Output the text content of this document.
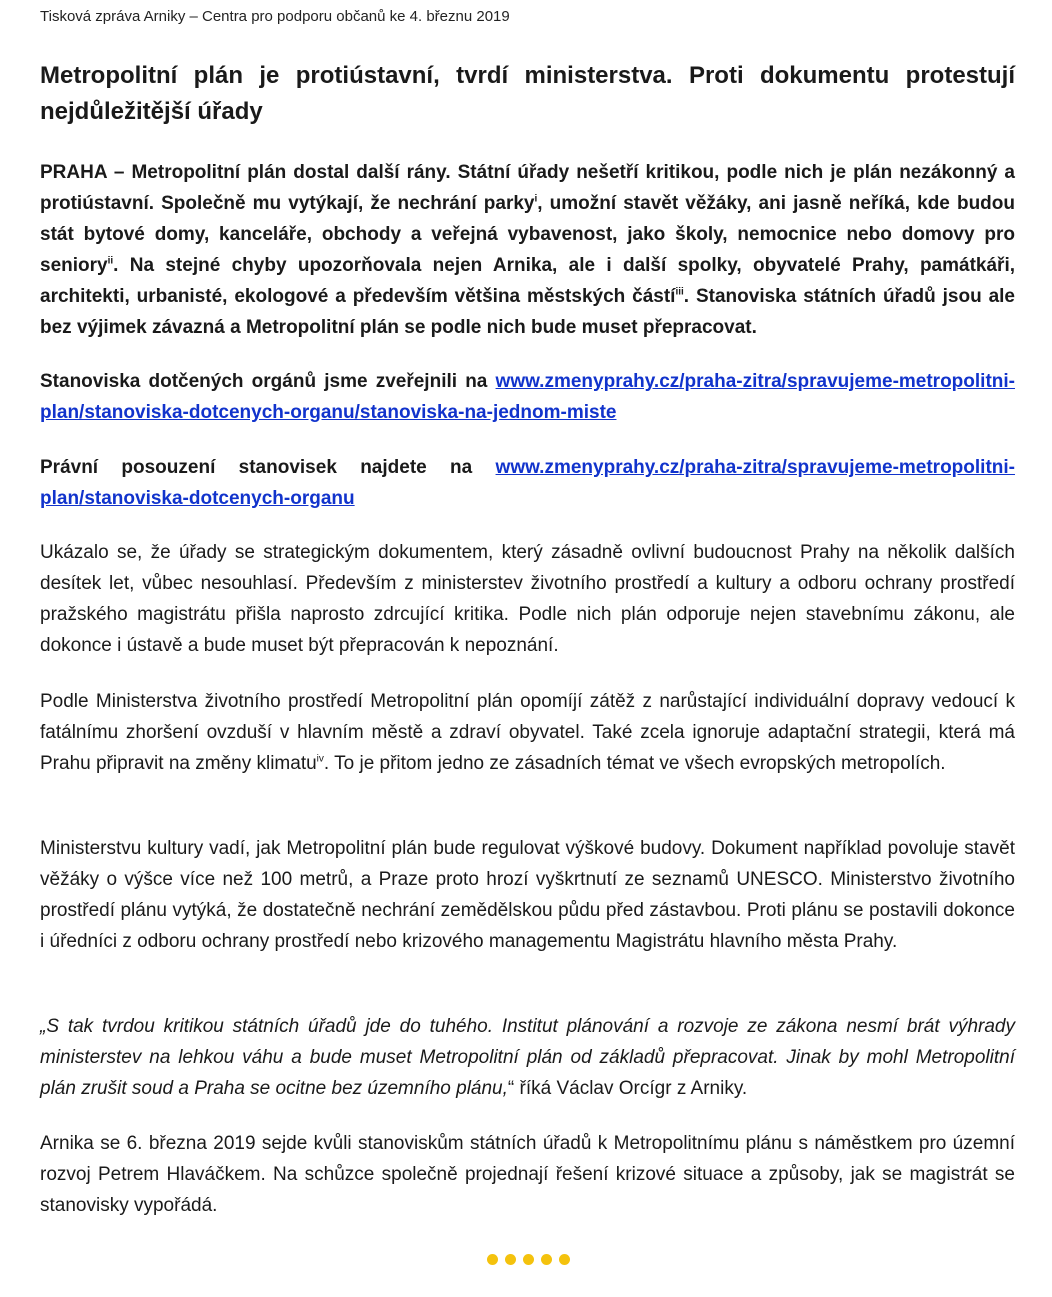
Tisková zpráva Arniky – Centra pro podporu občanů ke 4. březnu 2019
Metropolitní plán je protiústavní, tvrdí ministerstva. Proti dokumentu protestují nejdůležitější úřady

PRAHA – Metropolitní plán dostal další rány. Státní úřady nešetří kritikou, podle nich je plán nezákonný a protiústavní. Společně mu vytýkají, že nechrání parky$^i$, umožní stavět věžáky, ani jasně neříká, kde budou stát bytové domy, kanceláře, obchody a veřejná vybavenost, jako školy, nemocnice nebo domovy pro seniory$^{ii}$. Na stejné chyby upozorňovala nejen Arnika, ale i další spolky, obyvatelé Prahy, památkáři, architekti, urbanisté, ekologové a především většina městských částí$^{iii}$. Stanoviska státních úřadů jsou ale bez výjimek závazná a Metropolitní plán se podle nich bude muset přepracovat.

Stanoviska dotčených orgánů jsme zveřejnili na www.zmenyprahy.cz/praha-zitra/spravujeme-metropolitni-plan/stanoviska-dotcenych-organu/stanoviska-na-jednom-miste

Právní posouzení stanovisek najdete na www.zmenyprahy.cz/praha-zitra/spravujeme-metropolitni-plan/stanoviska-dotcenych-organu

Ukázalo se, že úřady se strategickým dokumentem, který zásadně ovlivní budoucnost Prahy na několik dalších desítek let, vůbec nesouhlasí. Především z ministerstev životního prostředí a kultury a odboru ochrany prostředí pražského magistrátu přišla naprosto zdrcující kritika. Podle nich plán odporuje nejen stavebnímu zákonu, ale dokonce i ústavě a bude muset být přepracován k nepoznání.

Podle Ministerstva životního prostředí Metropolitní plán opomíjí zátěž z narůstající individuální dopravy vedoucí k fatálnímu zhoršení ovzduší v hlavním městě a zdraví obyvatel. Také zcela ignoruje adaptační strategii, která má Prahu připravit na změny klimatu$^{iv}$. To je přitom jedno ze zásadních témat ve všech evropských metropolích.

Ministerstvu kultury vadí, jak Metropolitní plán bude regulovat výškové budovy. Dokument například povoluje stavět věžáky o výšce více než 100 metrů, a Praze proto hrozí vyškrtnutí ze seznamů UNESCO. Ministerstvo životního prostředí plánu vytýká, že dostatečně nechrání zemědělskou půdu před zástavbou. Proti plánu se postavili dokonce i úředníci z odboru ochrany prostředí nebo krizového managementu Magistrátu hlavního města Prahy.

„S tak tvrdou kritikou státních úřadů jde do tuhého. Institut plánování a rozvoje ze zákona nesmí brát výhrady ministerstev na lehkou váhu a bude muset Metropolitní plán od základů přepracovat. Jinak by mohl Metropolitní plán zrušit soud a Praha se ocitne bez územního plánu,“ říká Václav Orcígr z Arniky.

Arnika se 6. března 2019 sejde kvůli stanoviskům státních úřadů k Metropolitnímu plánu s náměstkem pro územní rozvoj Petrem Hlaváčkem. Na schůzce společně projednají řešení krizové situace a způsoby, jak se magistrát se stanovisky vypořádá.
